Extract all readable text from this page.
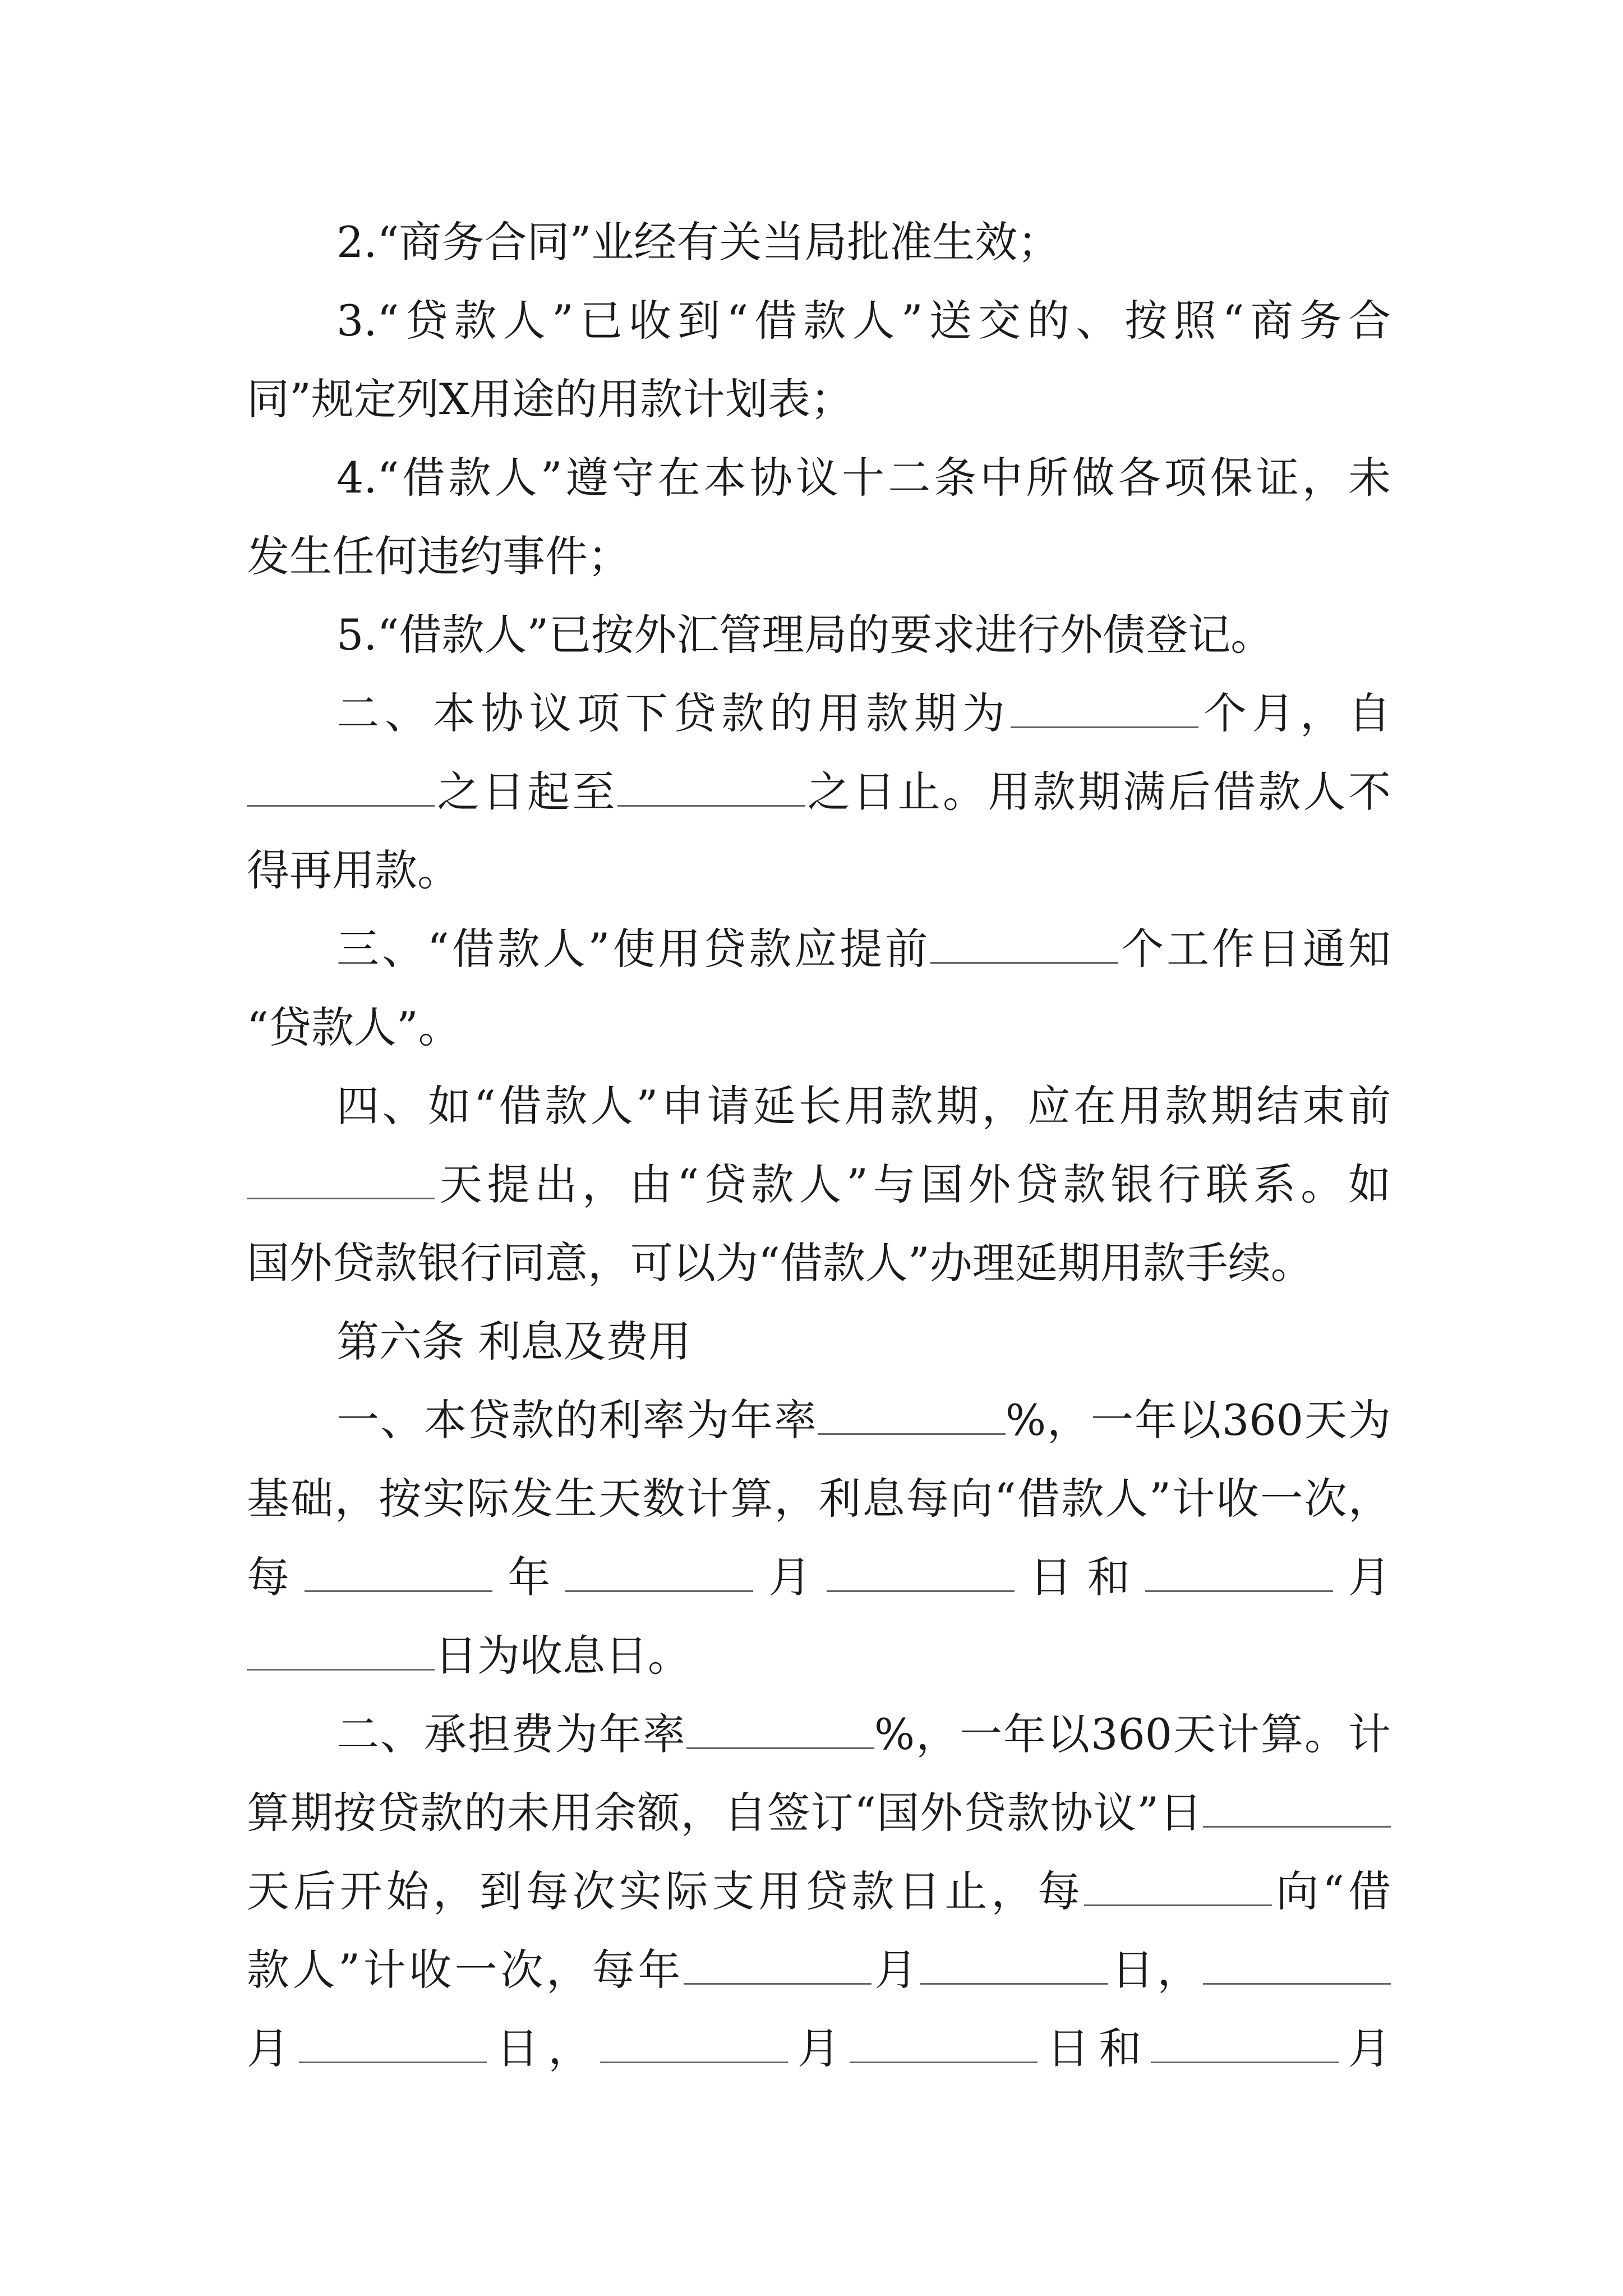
2.“商务合同”业经有关当局批准生效；
3.“贷款人”已收到“借款人”送交的、按照“商务合
同”规定列X用途的用款计划表；
4.“借款人”遵守在本协议十二条中所做各项保证，未
发生任何违约事件；
5.“借款人”已按外汇管理局的要求进行外债登记。
二、本协议项下贷款的用款期为	个月，自
之日起至	之日止。用款期满后借款人不
得再用款。
三、“借款人”使用贷款应提前	个工作日通知
“贷款人”。
四、如“借款人”申请延长用款期，应在用款期结束前
天提出，由“贷款人”与国外贷款银行联系。如
国外贷款银行同意，可以为“借款人”办理延期用款手续。
第六条 利息及费用
一、本贷款的利率为年率	%，一年以360天为
基础，按实际发生天数计算，利息每向“借款人”计收一次，
每	年	月	日和	月
日为收息日。
二、承担费为年率	%，一年以360天计算。计
算期按贷款的未用余额，自签订“国外贷款协议”日
天后开始，到每次实际支用贷款日止，每	向“借
款人”计收一次，每年	月	日，
月	日，	月	日和	月
